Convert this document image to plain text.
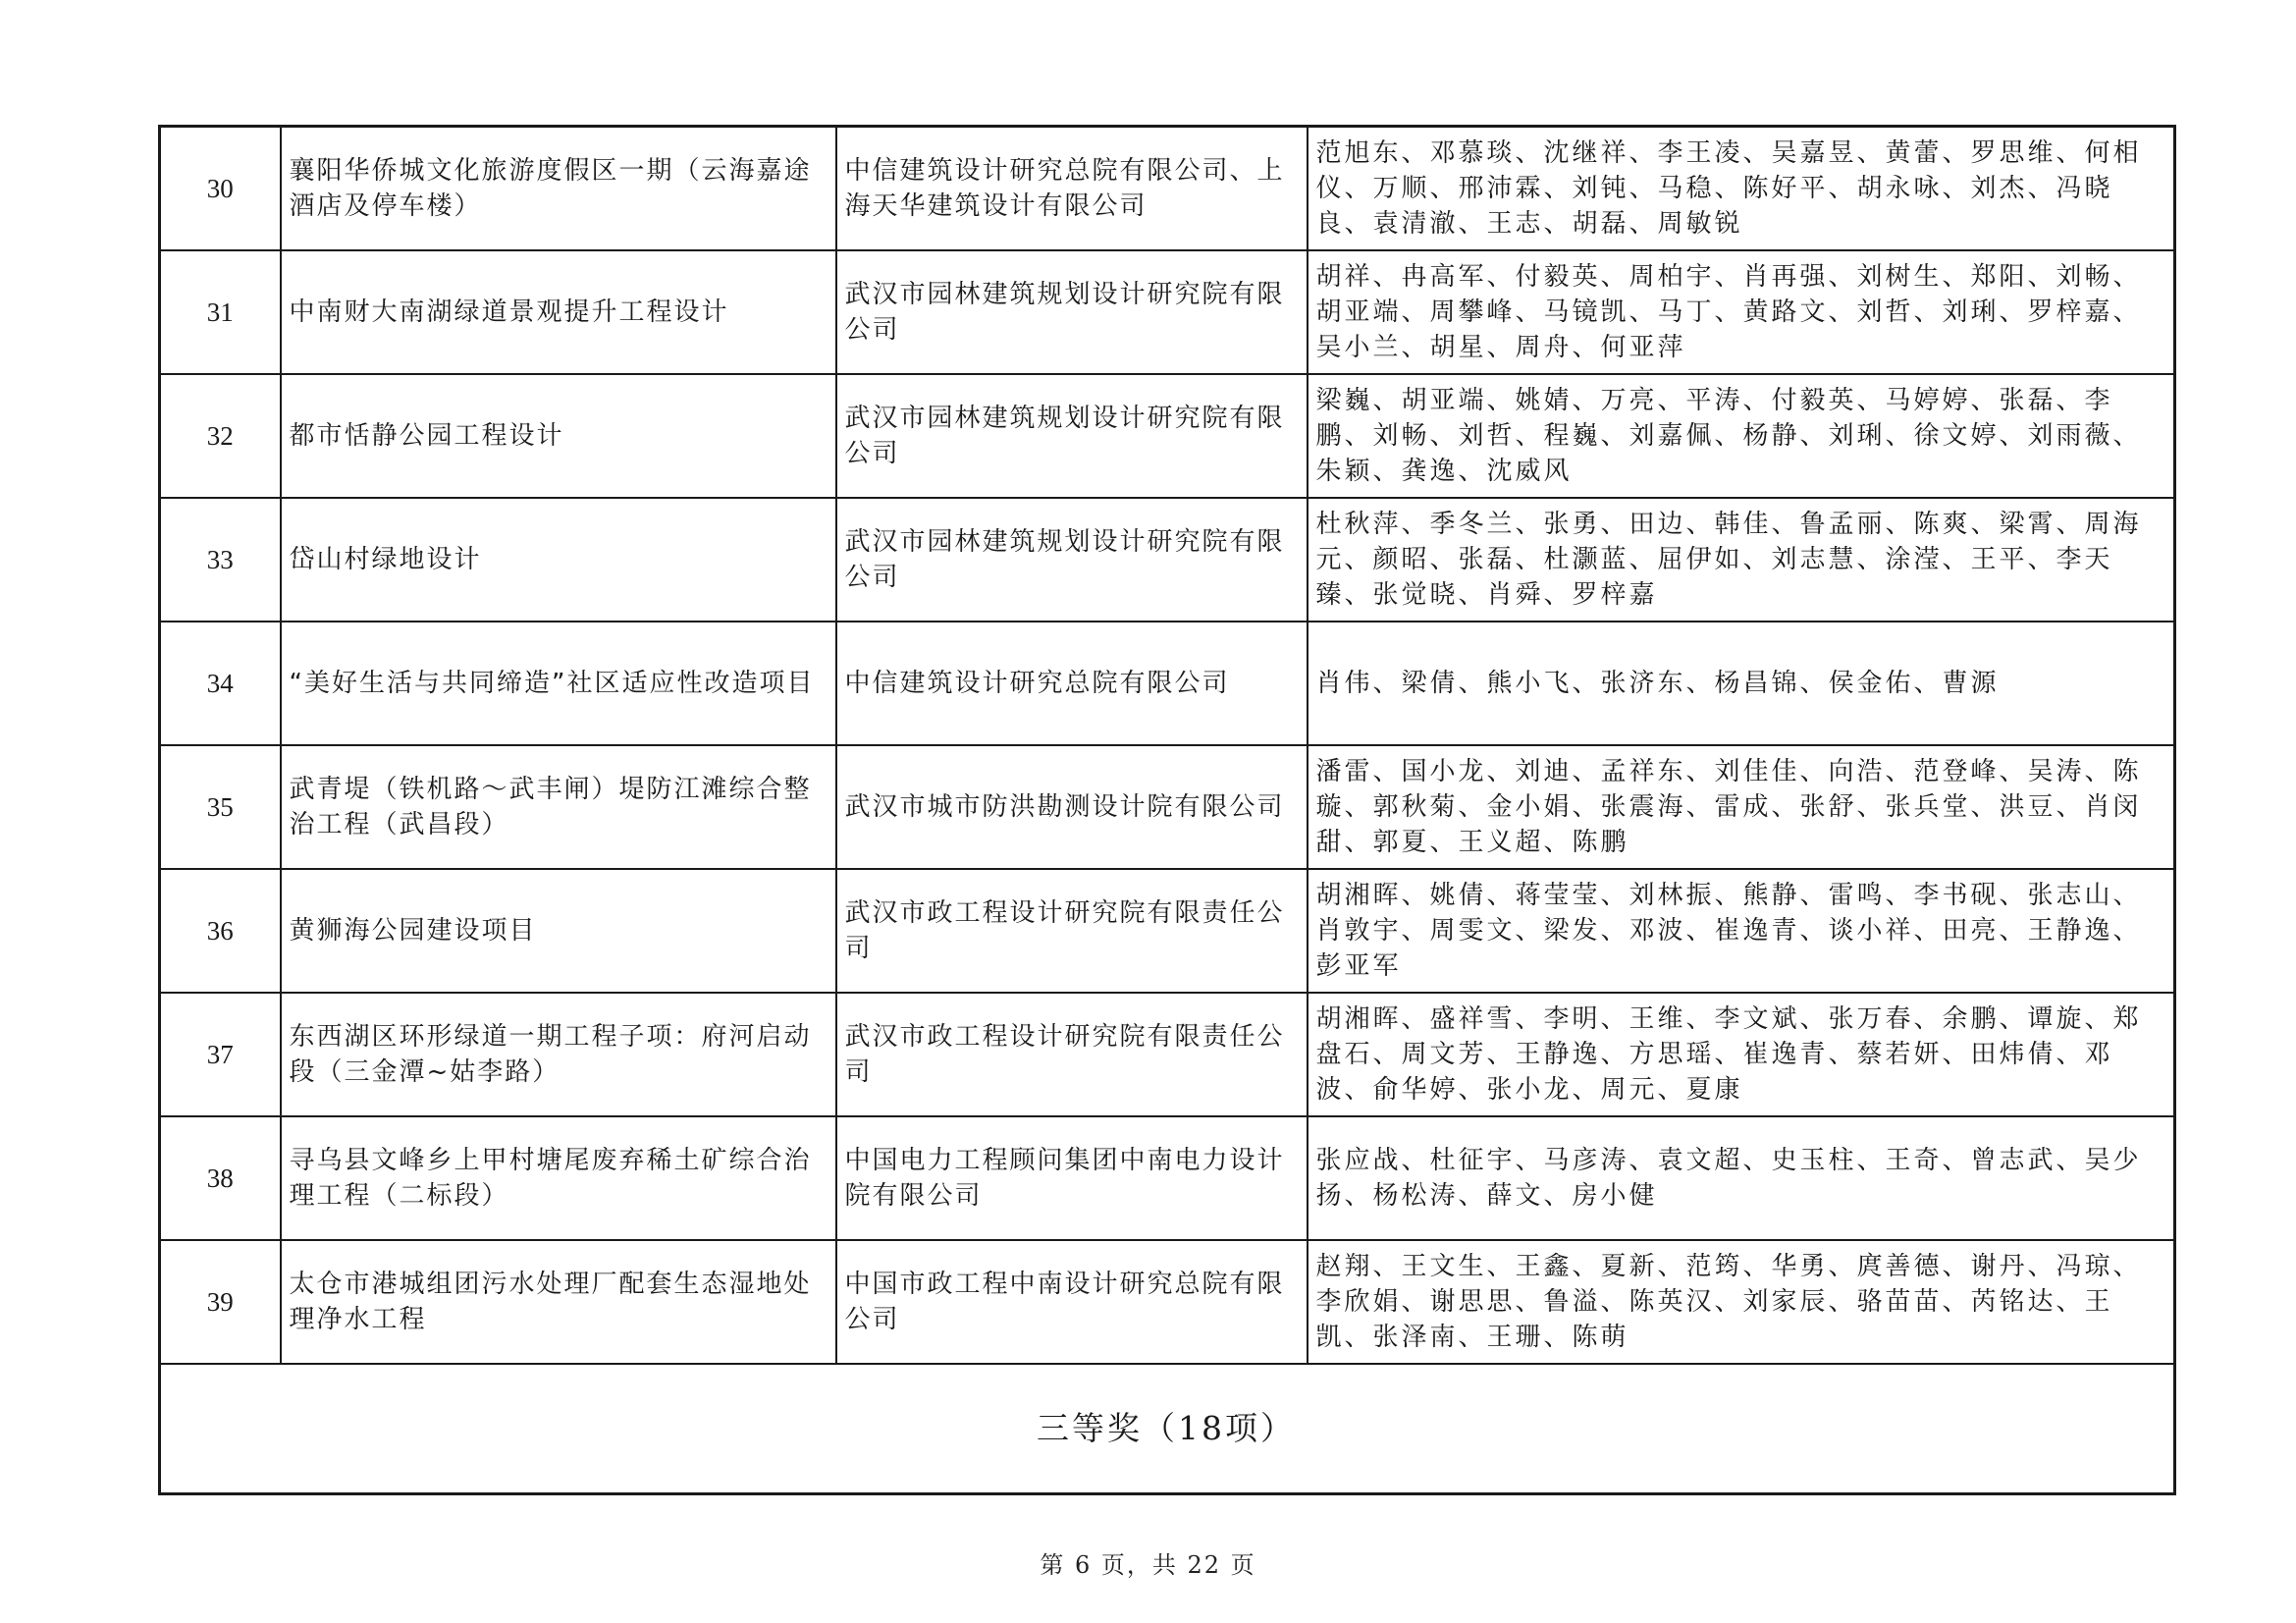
30	襄阳华侨城文化旅游度假区一期（云海嘉途酒店及停车楼）	中信建筑设计研究总院有限公司、上海天华建筑设计有限公司	范旭东、邓慕琰、沈继祥、李王凌、吴嘉昱、黄蕾、罗思维、何相仪、万顺、邢沛霖、刘钝、马稳、陈好平、胡永咏、刘杰、冯晓良、袁清澈、王志、胡磊、周敏锐
31	中南财大南湖绿道景观提升工程设计	武汉市园林建筑规划设计研究院有限公司	胡祥、冉高军、付毅英、周柏宇、肖再强、刘树生、郑阳、刘畅、胡亚端、周攀峰、马镜凯、马丁、黄路文、刘哲、刘琍、罗梓嘉、吴小兰、胡星、周舟、何亚萍
32	都市恬静公园工程设计	武汉市园林建筑规划设计研究院有限公司	梁巍、胡亚端、姚婧、万亮、平涛、付毅英、马婷婷、张磊、李鹏、刘畅、刘哲、程巍、刘嘉佩、杨静、刘琍、徐文婷、刘雨薇、朱颖、龚逸、沈威风
33	岱山村绿地设计	武汉市园林建筑规划设计研究院有限公司	杜秋萍、季冬兰、张勇、田边、韩佳、鲁孟丽、陈爽、梁霄、周海元、颜昭、张磊、杜灏蓝、屈伊如、刘志慧、涂滢、王平、李天臻、张觉晓、肖舜、罗梓嘉
34	“美好生活与共同缔造”社区适应性改造项目	中信建筑设计研究总院有限公司	肖伟、梁倩、熊小飞、张济东、杨昌锦、侯金佑、曹源
35	武青堤（铁机路～武丰闸）堤防江滩综合整治工程（武昌段）	武汉市城市防洪勘测设计院有限公司	潘雷、国小龙、刘迪、孟祥东、刘佳佳、向浩、范登峰、吴涛、陈璇、郭秋菊、金小娟、张震海、雷成、张舒、张兵堂、洪豆、肖闵甜、郭夏、王义超、陈鹏
36	黄狮海公园建设项目	武汉市政工程设计研究院有限责任公司	胡湘晖、姚倩、蒋莹莹、刘林振、熊静、雷鸣、李书砚、张志山、肖敦宇、周雯文、梁发、邓波、崔逸青、谈小祥、田亮、王静逸、彭亚军
37	东西湖区环形绿道一期工程子项：府河启动段（三金潭~姑李路）	武汉市政工程设计研究院有限责任公司	胡湘晖、盛祥雪、李明、王维、李文斌、张万春、余鹏、谭旋、郑盘石、周文芳、王静逸、方思瑶、崔逸青、蔡若妍、田炜倩、邓波、俞华婷、张小龙、周元、夏康
38	寻乌县文峰乡上甲村塘尾废弃稀土矿综合治理工程（二标段）	中国电力工程顾问集团中南电力设计院有限公司	张应战、杜征宇、马彦涛、袁文超、史玉柱、王奇、曾志武、吴少扬、杨松涛、薛文、房小健
39	太仓市港城组团污水处理厂配套生态湿地处理净水工程	中国市政工程中南设计研究总院有限公司	赵翔、王文生、王鑫、夏新、范筠、华勇、庹善德、谢丹、冯琼、李欣娟、谢思思、鲁溢、陈英汉、刘家辰、骆苗苗、芮铭达、王凯、张泽南、王珊、陈萌
三等奖（18项）			
第 6 页，共 22 页
